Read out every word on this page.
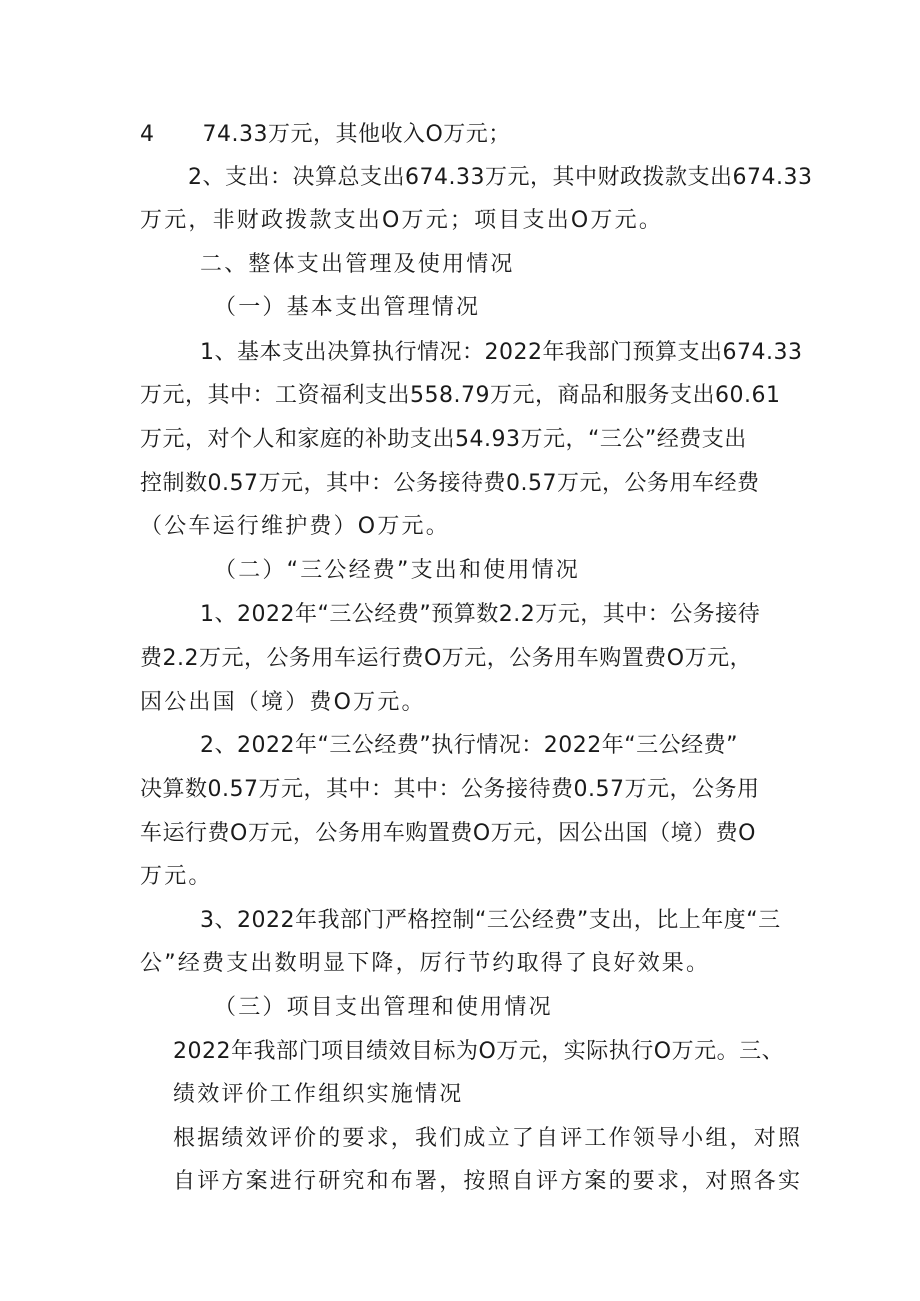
4 74.33万元，其他收入O万元；
2、支出：决算总支出674.33万元，其中财政拨款支出674.33
万元，非财政拨款支出O万元；项目支出O万元。
二、整体支出管理及使用情况
（一）基本支出管理情况
1、基本支出决算执行情况：2022年我部门预算支出674.33
万元，其中：工资福利支出558.79万元，商品和服务支出60.61
万元，对个人和家庭的补助支出54.93万元，“三公”经费支出
控制数0.57万元，其中：公务接待费0.57万元，公务用车经费
（公车运行维护费）O万元。
（二）“三公经费”支出和使用情况
1、2022年“三公经费”预算数2.2万元，其中：公务接待
费2.2万元，公务用车运行费O万元，公务用车购置费O万元，
因公出国（境）费O万元。
2、2022年“三公经费”执行情况：2022年“三公经费”
决算数0.57万元，其中：其中：公务接待费0.57万元，公务用
车运行费O万元，公务用车购置费O万元，因公出国（境）费O
万元。
3、2022年我部门严格控制“三公经费”支出，比上年度“三
公”经费支出数明显下降，厉行节约取得了良好效果。
（三）项目支出管理和使用情况
2022年我部门项目绩效目标为O万元，实际执行O万元。三、
绩效评价工作组织实施情况
根据绩效评价的要求，我们成立了自评工作领导小组，对照
自评方案进行研究和布署，按照自评方案的要求，对照各实
